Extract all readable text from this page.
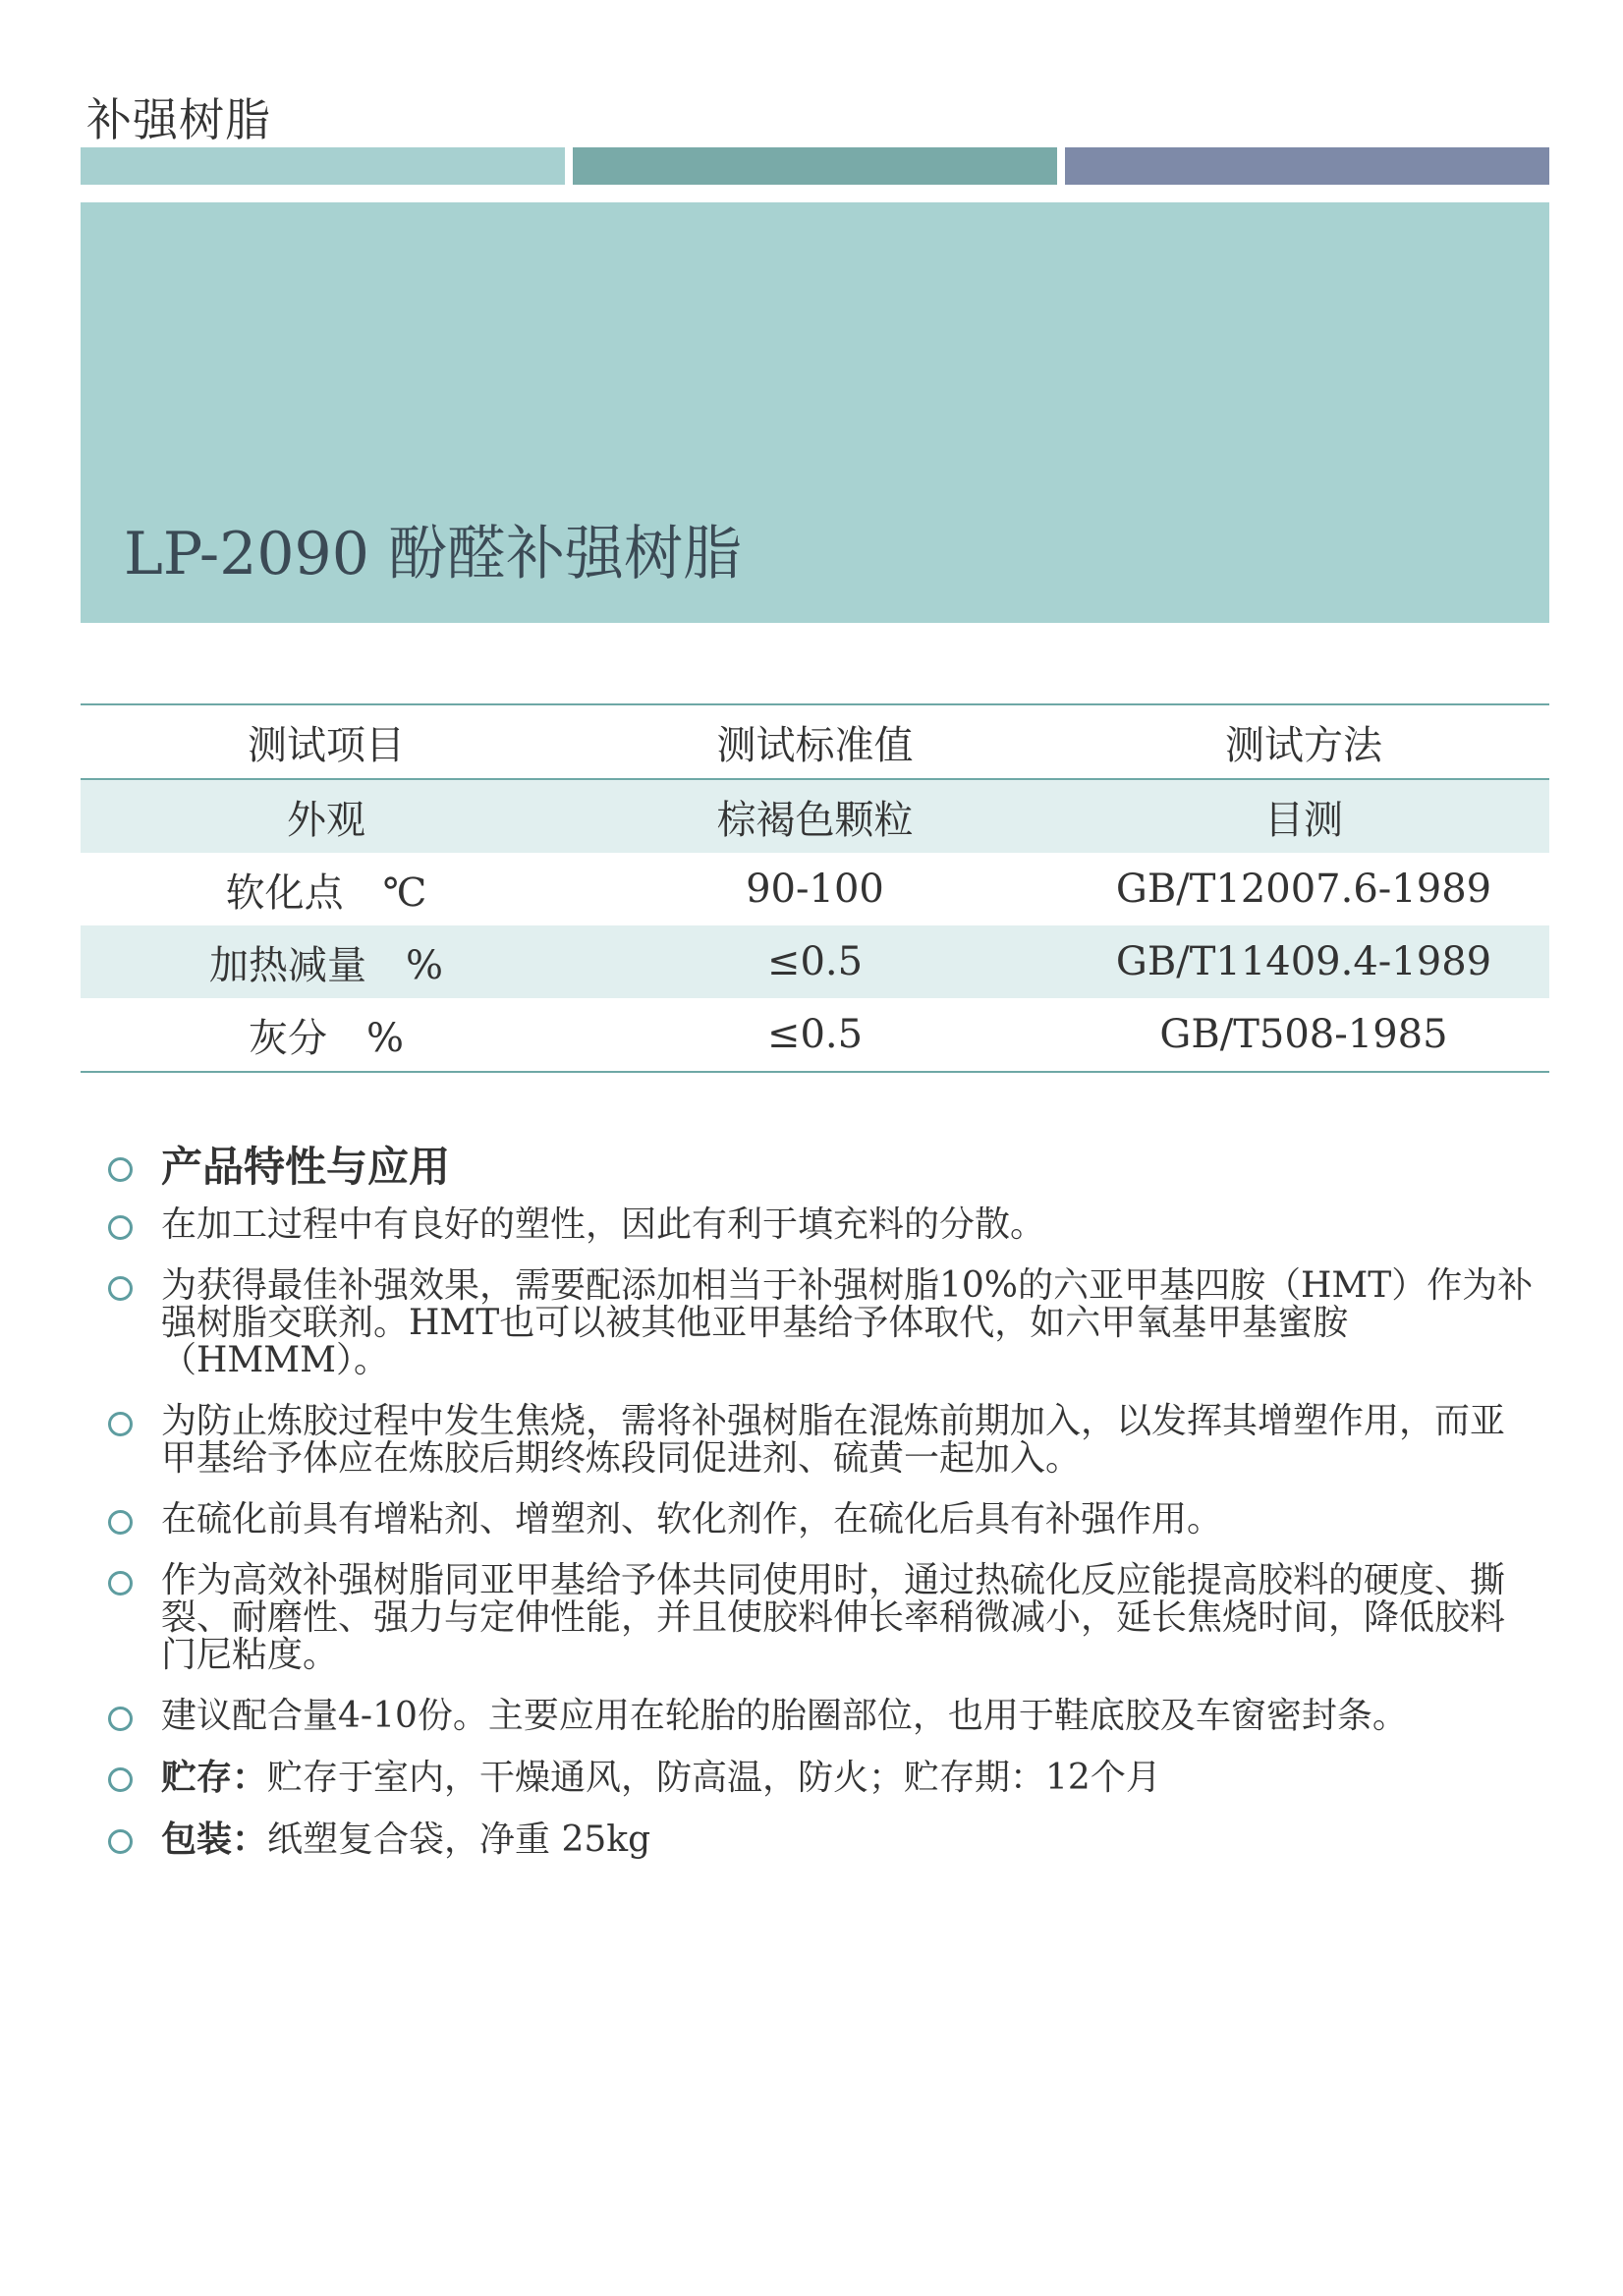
补强树脂
LP-2090 酚醛补强树脂
测试项目	测试标准值	测试方法
外观	棕褐色颗粒	目测
软化点　℃	90-100	GB/T12007.6-1989
加热减量　%	≤0.5	GB/T11409.4-1989
灰分　%	≤0.5	GB/T508-1985
产品特性与应用
在加工过程中有良好的塑性，因此有利于填充料的分散。
为获得最佳补强效果，需要配添加相当于补强树脂10%的六亚甲基四胺（HMT）作为补强树脂交联剂。HMT也可以被其他亚甲基给予体取代，如六甲氧基甲基蜜胺（HMMM）。
为防止炼胶过程中发生焦烧，需将补强树脂在混炼前期加入，以发挥其增塑作用，而亚甲基给予体应在炼胶后期终炼段同促进剂、硫黄一起加入。
在硫化前具有增粘剂、增塑剂、软化剂作，在硫化后具有补强作用。
作为高效补强树脂同亚甲基给予体共同使用时，通过热硫化反应能提高胶料的硬度、撕裂、耐磨性、强力与定伸性能，并且使胶料伸长率稍微减小，延长焦烧时间，降低胶料门尼粘度。
建议配合量4-10份。主要应用在轮胎的胎圈部位，也用于鞋底胶及车窗密封条。
贮存：贮存于室内，干燥通风，防高温，防火；贮存期：12个月
包装：纸塑复合袋，净重 25kg
